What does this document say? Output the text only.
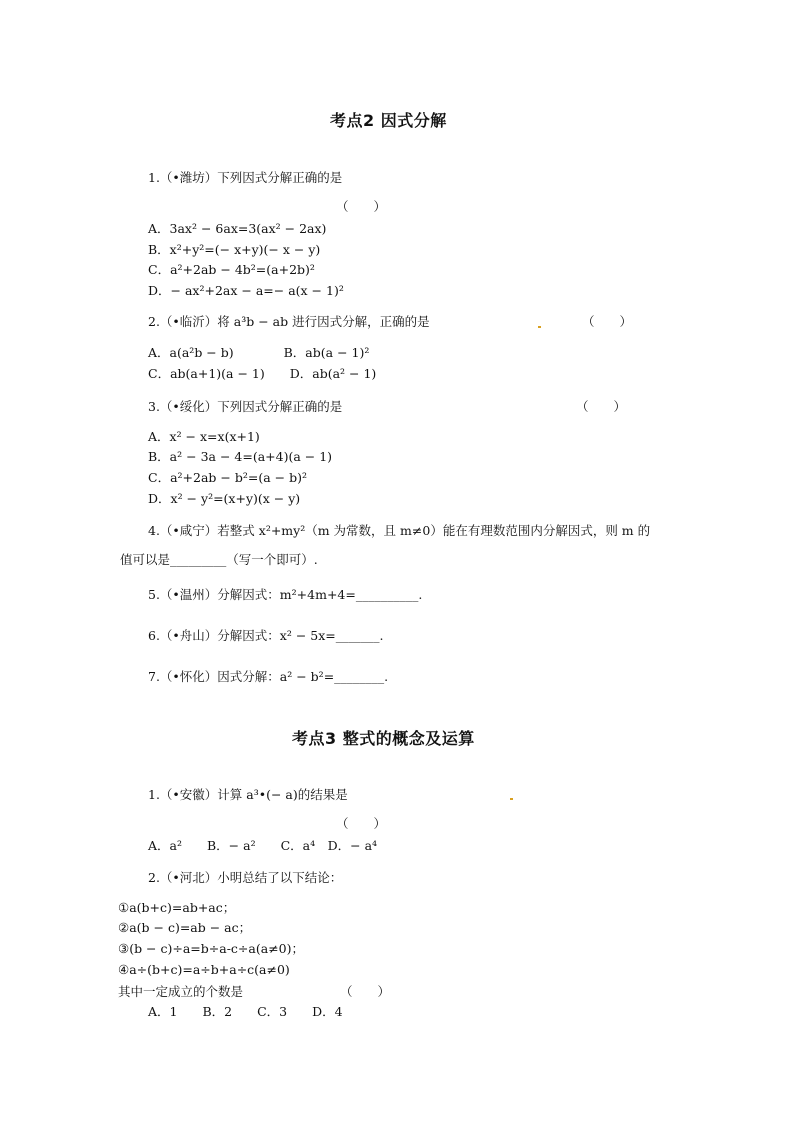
考点2 因式分解
1.（•潍坊）下列因式分解正确的是
（　　）
A．3ax² − 6ax=3(ax² − 2ax)
B．x²+y²=(− x+y)(− x − y)
C．a²+2ab − 4b²=(a+2b)²
D．− ax²+2ax − a=− a(x − 1)²
2.（•临沂）将 a³b − ab 进行因式分解，正确的是	（　　）
A．a(a²b − b)　　　　B．ab(a − 1)²
C．ab(a+1)(a − 1)　　D．ab(a² − 1)
3.（•绥化）下列因式分解正确的是	（　　）
A．x² − x=x(x+1)
B．a² − 3a − 4=(a+4)(a − 1)
C．a²+2ab − b²=(a − b)²
D．x² − y²=(x+y)(x − y)
4.（•咸宁）若整式 x²+my²（m 为常数，且 m≠0）能在有理数范围内分解因式，则 m 的
值可以是_________（写一个即可）.
5.（•温州）分解因式：m²+4m+4=__________.
6.（•舟山）分解因式：x² − 5x=_______.
7.（•怀化）因式分解：a² − b²=________.
考点3 整式的概念及运算
1.（•安徽）计算 a³•(− a)的结果是
（　　）
A．a²　　B．− a²　　C．a⁴　D．− a⁴
2.（•河北）小明总结了以下结论：
①a(b+c)=ab+ac；
②a(b − c)=ab − ac；
③(b − c)÷a=b÷a-c÷a(a≠0)；
④a÷(b+c)=a÷b+a÷c(a≠0)
其中一定成立的个数是	（　　）
A．1　　B．2　　C．3　　D．4
